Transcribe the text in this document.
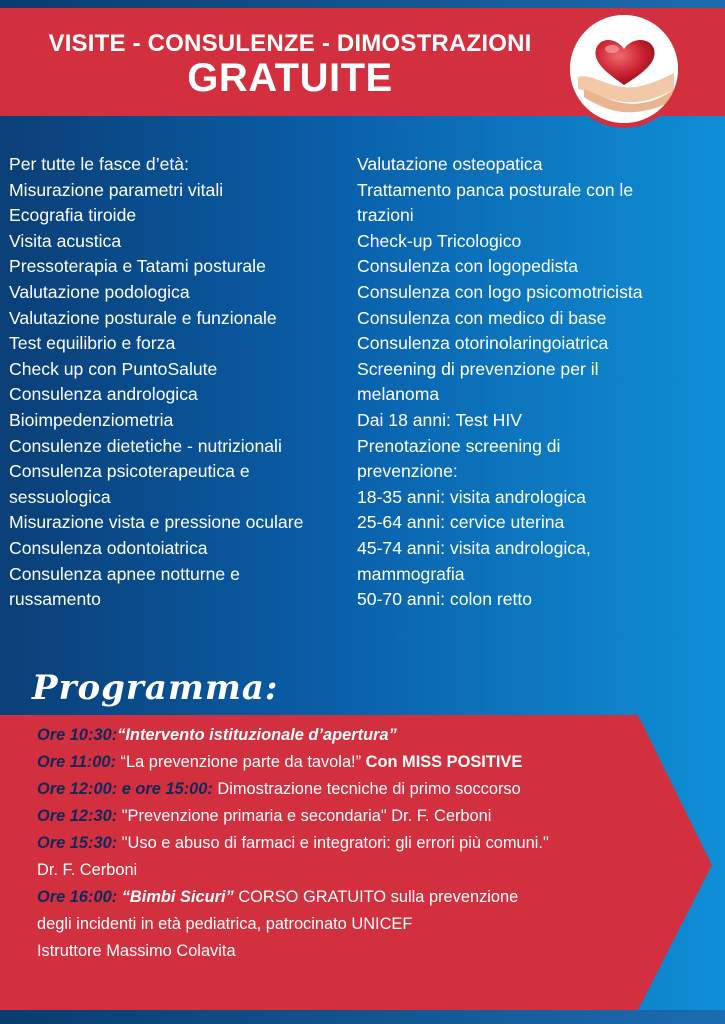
VISITE - CONSULENZE - DIMOSTRAZIONI
GRATUITE
Per tutte le fasce d’età:
Misurazione parametri vitali
Ecografia tiroide
Visita acustica
Pressoterapia e Tatami posturale
Valutazione podologica
Valutazione posturale e funzionale
Test equilibrio e forza
Check up con PuntoSalute
Consulenza andrologica
Bioimpedenziometria
Consulenze dietetiche - nutrizionali
Consulenza psicoterapeutica e
sessuologica
Misurazione vista e pressione oculare
Consulenza odontoiatrica
Consulenza apnee notturne e
russamento
Valutazione osteopatica
Trattamento panca posturale con le
trazioni
Check-up Tricologico
Consulenza con logopedista
Consulenza con logo psicomotricista
Consulenza con medico di base
Consulenza otorinolaringoiatrica
Screening di prevenzione per il
melanoma
Dai 18 anni: Test HIV
Prenotazione screening di
prevenzione:
18-35 anni: visita andrologica
25-64 anni: cervice uterina
45-74 anni: visita andrologica,
mammografia
50-70 anni: colon retto
Programma:
Ore 10:30:“Intervento istituzionale d’apertura”
Ore 11:00: “La prevenzione parte da tavola!” Con MISS POSITIVE
Ore 12:00: e ore 15:00: Dimostrazione tecniche di primo soccorso
Ore 12:30: "Prevenzione primaria e secondaria" Dr. F. Cerboni
Ore 15:30: "Uso e abuso di farmaci e integratori: gli errori più comuni."
Dr. F. Cerboni
Ore 16:00: “Bimbi Sicuri” CORSO GRATUITO sulla prevenzione
degli incidenti in età pediatrica, patrocinato UNICEF
Istruttore Massimo Colavita
